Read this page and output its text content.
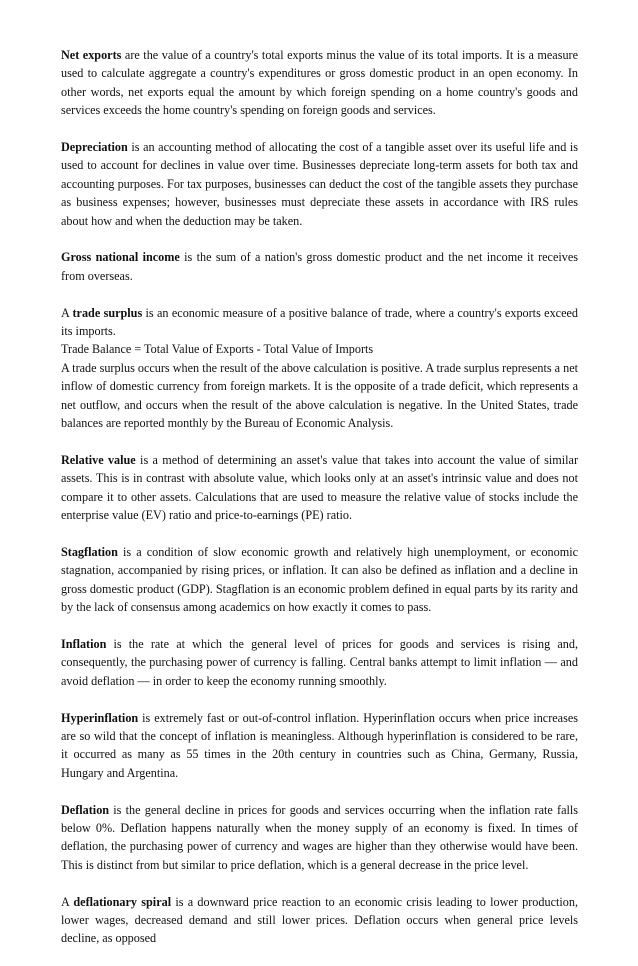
Net exports are the value of a country's total exports minus the value of its total imports. It is a measure used to calculate aggregate a country's expenditures or gross domestic product in an open economy. In other words, net exports equal the amount by which foreign spending on a home country's goods and services exceeds the home country's spending on foreign goods and services.

Depreciation is an accounting method of allocating the cost of a tangible asset over its useful life and is used to account for declines in value over time. Businesses depreciate long-term assets for both tax and accounting purposes. For tax purposes, businesses can deduct the cost of the tangible assets they purchase as business expenses; however, businesses must depreciate these assets in accordance with IRS rules about how and when the deduction may be taken.

Gross national income is the sum of a nation's gross domestic product and the net income it receives from overseas.

A trade surplus is an economic measure of a positive balance of trade, where a country's exports exceed its imports.

Trade Balance = Total Value of Exports - Total Value of Imports

A trade surplus occurs when the result of the above calculation is positive. A trade surplus represents a net inflow of domestic currency from foreign markets. It is the opposite of a trade deficit, which represents a net outflow, and occurs when the result of the above calculation is negative. In the United States, trade balances are reported monthly by the Bureau of Economic Analysis.

Relative value is a method of determining an asset's value that takes into account the value of similar assets. This is in contrast with absolute value, which looks only at an asset's intrinsic value and does not compare it to other assets. Calculations that are used to measure the relative value of stocks include the enterprise value (EV) ratio and price-to-earnings (PE) ratio.

Stagflation is a condition of slow economic growth and relatively high unemployment, or economic stagnation, accompanied by rising prices, or inflation. It can also be defined as inflation and a decline in gross domestic product (GDP). Stagflation is an economic problem defined in equal parts by its rarity and by the lack of consensus among academics on how exactly it comes to pass.

Inflation is the rate at which the general level of prices for goods and services is rising and, consequently, the purchasing power of currency is falling. Central banks attempt to limit inflation — and avoid deflation — in order to keep the economy running smoothly.

Hyperinflation is extremely fast or out-of-control inflation. Hyperinflation occurs when price increases are so wild that the concept of inflation is meaningless. Although hyperinflation is considered to be rare, it occurred as many as 55 times in the 20th century in countries such as China, Germany, Russia, Hungary and Argentina.

Deflation is the general decline in prices for goods and services occurring when the inflation rate falls below 0%. Deflation happens naturally when the money supply of an economy is fixed. In times of deflation, the purchasing power of currency and wages are higher than they otherwise would have been. This is distinct from but similar to price deflation, which is a general decrease in the price level.

A deflationary spiral is a downward price reaction to an economic crisis leading to lower production, lower wages, decreased demand and still lower prices. Deflation occurs when general price levels decline, as opposed
